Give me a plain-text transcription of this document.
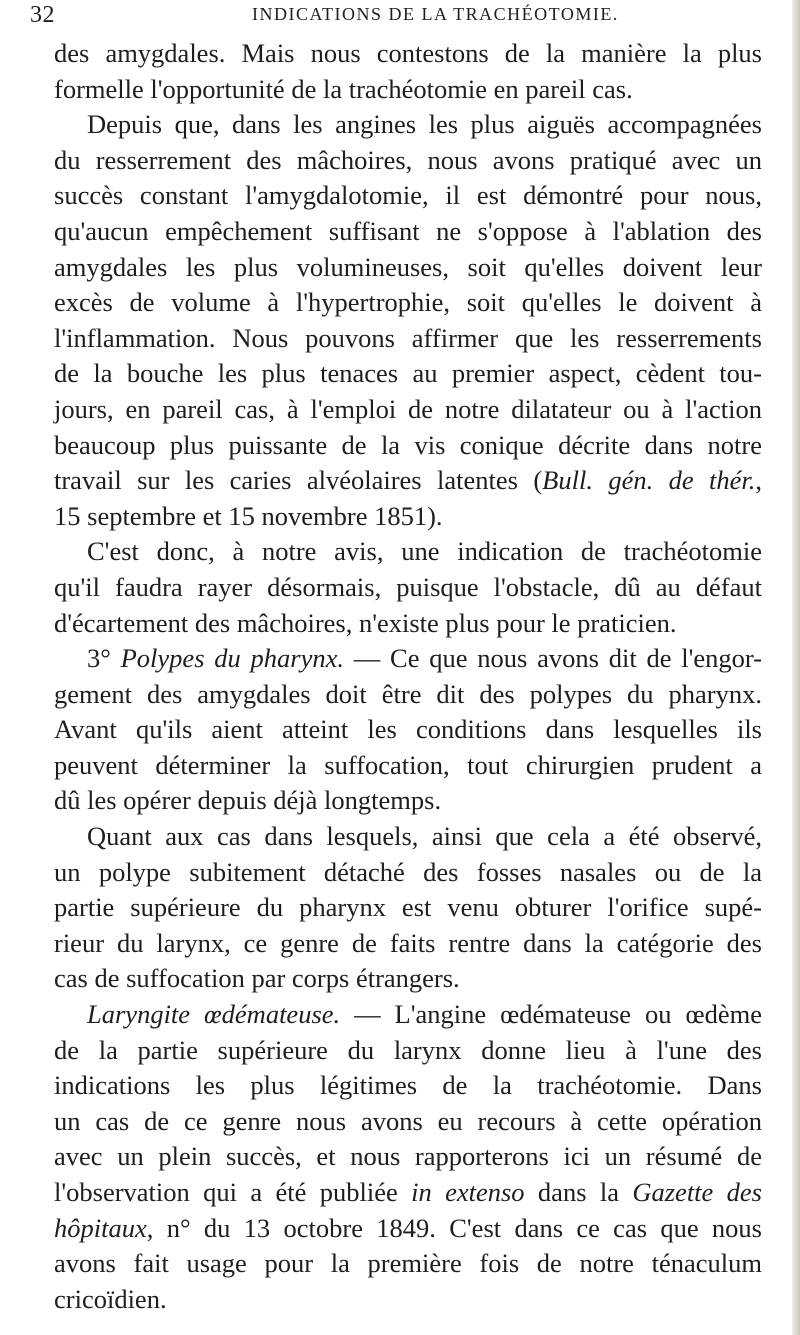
32	INDICATIONS DE LA TRACHÉOTOMIE.
des amygdales. Mais nous contestons de la manière la plus
formelle l'opportunité de la trachéotomie en pareil cas.
Depuis que, dans les angines les plus aiguës accompagnées
du resserrement des mâchoires, nous avons pratiqué avec un
succès constant l'amygdalotomie, il est démontré pour nous,
qu'aucun empêchement suffisant ne s'oppose à l'ablation des
amygdales les plus volumineuses, soit qu'elles doivent leur
excès de volume à l'hypertrophie, soit qu'elles le doivent à
l'inflammation. Nous pouvons affirmer que les resserrements
de la bouche les plus tenaces au premier aspect, cèdent tou-
jours, en pareil cas, à l'emploi de notre dilatateur ou à l'action
beaucoup plus puissante de la vis conique décrite dans notre
travail sur les caries alvéolaires latentes (Bull. gén. de thér.,
15 septembre et 15 novembre 1851).
C'est donc, à notre avis, une indication de trachéotomie
qu'il faudra rayer désormais, puisque l'obstacle, dû au défaut
d'écartement des mâchoires, n'existe plus pour le praticien.
3° Polypes du pharynx. — Ce que nous avons dit de l'engor-
gement des amygdales doit être dit des polypes du pharynx.
Avant qu'ils aient atteint les conditions dans lesquelles ils
peuvent déterminer la suffocation, tout chirurgien prudent a
dû les opérer depuis déjà longtemps.
Quant aux cas dans lesquels, ainsi que cela a été observé,
un polype subitement détaché des fosses nasales ou de la
partie supérieure du pharynx est venu obturer l'orifice supé-
rieur du larynx, ce genre de faits rentre dans la catégorie des
cas de suffocation par corps étrangers.
Laryngite œdémateuse. — L'angine œdémateuse ou œdème
de la partie supérieure du larynx donne lieu à l'une des
indications les plus légitimes de la trachéotomie. Dans
un cas de ce genre nous avons eu recours à cette opération
avec un plein succès, et nous rapporterons ici un résumé de
l'observation qui a été publiée in extenso dans la Gazette des
hôpitaux, n° du 13 octobre 1849. C'est dans ce cas que nous
avons fait usage pour la première fois de notre ténaculum
cricoïdien.
